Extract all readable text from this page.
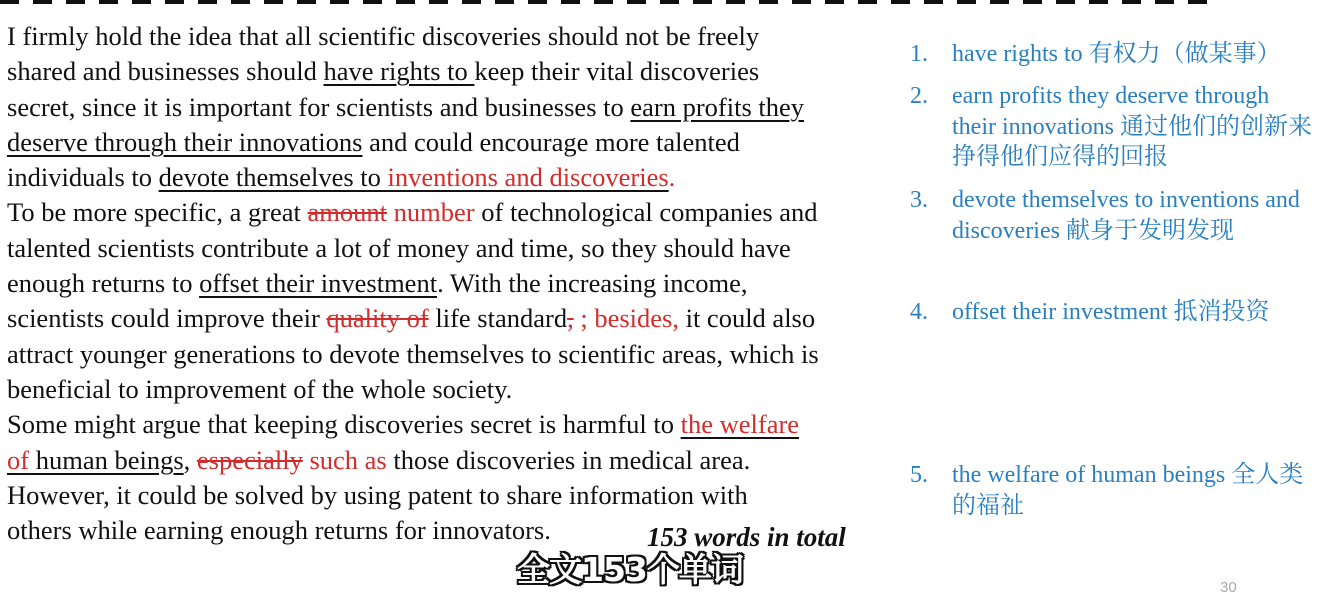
I firmly hold the idea that all scientific discoveries should not be freely
shared and businesses should have rights to keep their vital discoveries
secret, since it is important for scientists and businesses to earn profits they
deserve through their innovations and could encourage more talented
individuals to devote themselves to inventions and discoveries.
To be more specific, a great amount number of technological companies and
talented scientists contribute a lot of money and time, so they should have
enough returns to offset their investment. With the increasing income,
scientists could improve their quality of life standard, ; besides, it could also
attract younger generations to devote themselves to scientific areas, which is
beneficial to improvement of the whole society.
Some might argue that keeping discoveries secret is harmful to the welfare
of human beings, especially such as those discoveries in medical area.
However, it could be solved by using patent to share information with
others while earning enough returns for innovators.	153 words in total
1.	have rights to 有权力（做某事）
2.	earn profits they deserve through their innovations 通过他们的创新来挣得他们应得的回报
3.	devote themselves to inventions and discoveries 献身于发明发现
4.	offset their investment 抵消投资
5.	the welfare of human beings 全人类的福祉
全文153个单词	30
